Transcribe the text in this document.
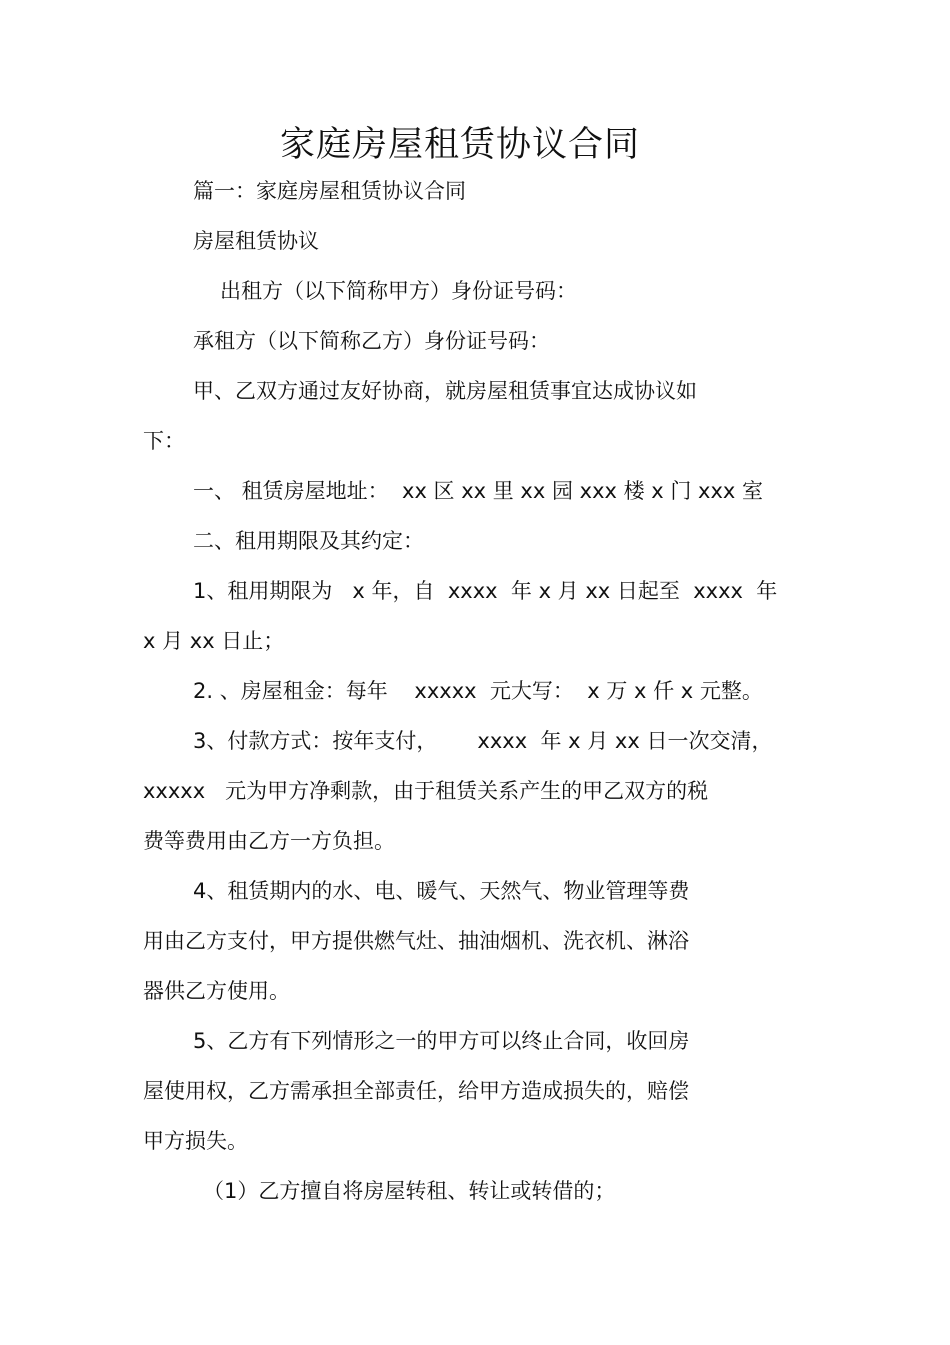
家庭房屋租赁协议合同
篇一：家庭房屋租赁协议合同
房屋租赁协议
出租方（以下简称甲方）身份证号码：
承租方（以下简称乙方）身份证号码：
甲、乙双方通过友好协商，就房屋租赁事宜达成协议如
下：
一、 租赁房屋地址：  xx 区 xx 里 xx 园 xxx 楼 x 门 xxx 室
二、租用期限及其约定：
1、租用期限为   x 年，自  xxxx  年 x 月 xx 日起至  xxxx  年
x 月 xx 日止；
2. 、房屋租金：每年    xxxxx  元大写：  x 万 x 仟 x 元整。
3、付款方式：按年支付，      xxxx  年 x 月 xx 日一次交清，
xxxxx   元为甲方净剩款，由于租赁关系产生的甲乙双方的税
费等费用由乙方一方负担。
4、租赁期内的水、电、暖气、天然气、物业管理等费
用由乙方支付，甲方提供燃气灶、抽油烟机、洗衣机、淋浴
器供乙方使用。
5、乙方有下列情形之一的甲方可以终止合同，收回房
屋使用权，乙方需承担全部责任，给甲方造成损失的，赔偿
甲方损失。
（1）乙方擅自将房屋转租、转让或转借的；
